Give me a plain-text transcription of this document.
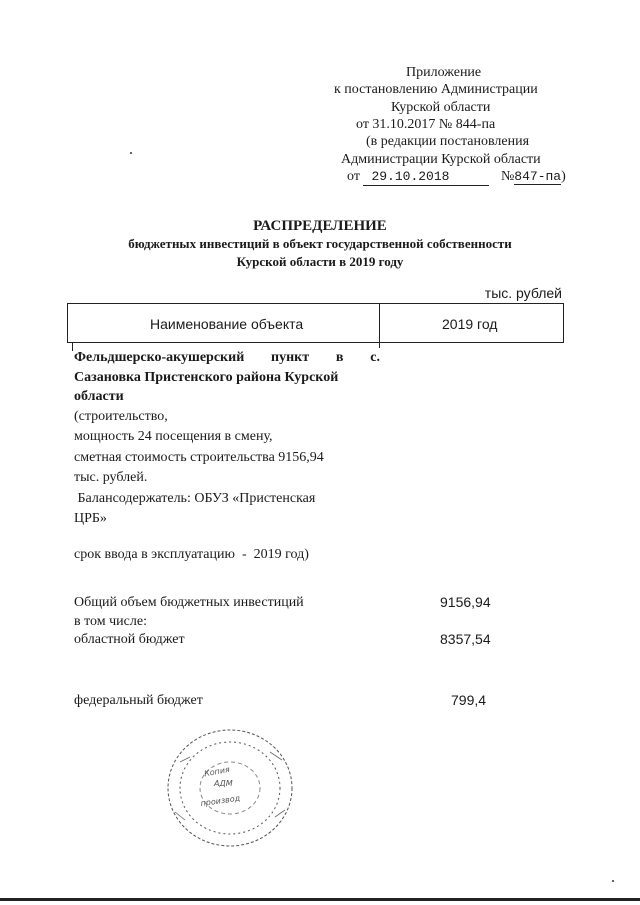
Приложение
к постановлению Администрации
Курской области
от 31.10.2017 № 844-па
(в редакции постановления
Администрации Курской области
от 29.10.2018	№847-па)
РАСПРЕДЕЛЕНИЕ
бюджетных инвестиций в объект государственной собственности
Курской области в 2019 году
тыс. рублей
Наименование объекта	2019 год
Фельдшерско-акушерский пункт в с.
Сазановка Пристенского района Курской
области
(строительство,
мощность 24 посещения в смену,
сметная стоимость строительства 9156,94
тыс. рублей.
Балансодержатель: ОБУЗ «Пристенская
ЦРБ»
срок ввода в эксплуатацию  -  2019 год)
Общий объем бюджетных инвестиций	9156,94
в том числе:
областной бюджет	8357,54
федеральный бюджет	799,4
Копия
АДМ
производ
